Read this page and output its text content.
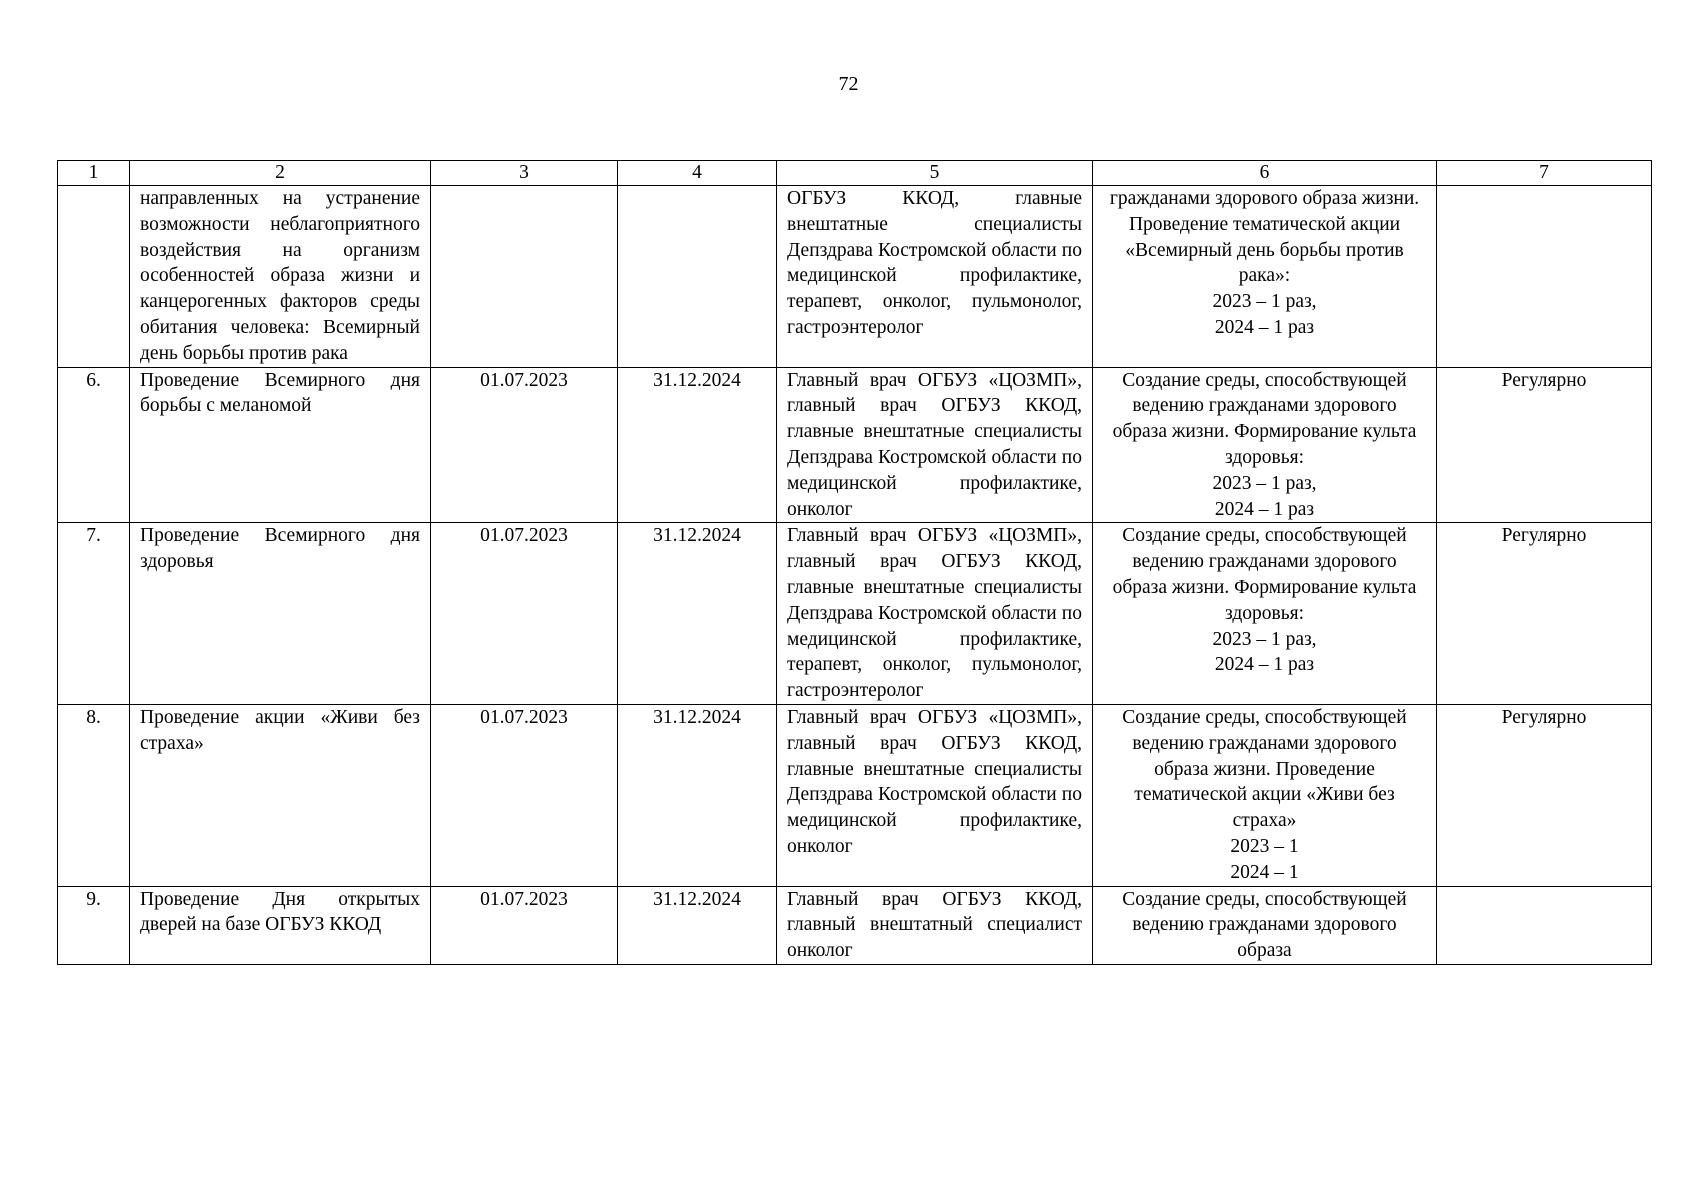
72
1	2	3	4	5	6	7
	направленных на устранение возможности неблагоприятного воздействия на организм особенностей образа жизни и канцерогенных факторов среды обитания человека: Всемирный день борьбы против рака			ОГБУЗ ККОД, главные внештатные специалисты Депздрава Костромской области по медицинской профилактике, терапевт, онколог, пульмонолог, гастроэнтеролог	гражданами здорового образа жизни. Проведение тематической акции «Всемирный день борьбы против рака»:
2023 – 1 раз,
2024 – 1 раз	

6.	Проведение Всемирного дня борьбы с меланомой	01.07.2023	31.12.2024	Главный врач ОГБУЗ «ЦОЗМП», главный врач ОГБУЗ ККОД, главные внештатные специалисты Депздрава Костромской области по медицинской профилактике, онколог	Создание среды, способствующей ведению гражданами здорового образа жизни. Формирование культа здоровья:
2023 – 1 раз,
2024 – 1 раз	Регулярно
7.	Проведение Всемирного дня здоровья	01.07.2023	31.12.2024	Главный врач ОГБУЗ «ЦОЗМП», главный врач ОГБУЗ ККОД, главные внештатные специалисты Депздрава Костромской области по медицинской профилактике, терапевт, онколог, пульмонолог, гастроэнтеролог	Создание среды, способствующей ведению гражданами здорового образа жизни. Формирование культа здоровья:
2023 – 1 раз,
2024 – 1 раз	Регулярно
8.	Проведение акции «Живи без страха»	01.07.2023	31.12.2024	Главный врач ОГБУЗ «ЦОЗМП», главный врач ОГБУЗ ККОД, главные внештатные специалисты Депздрава Костромской области по медицинской профилактике, онколог	Создание среды, способствующей ведению гражданами здорового образа жизни. Проведение тематической акции «Живи без страха»
2023 – 1
2024 – 1	Регулярно
9.	Проведение Дня открытых дверей на базе ОГБУЗ ККОД	01.07.2023	31.12.2024	Главный врач ОГБУЗ ККОД, главный внештатный специалист онколог	Создание среды, способствующей ведению гражданами здорового образа	
